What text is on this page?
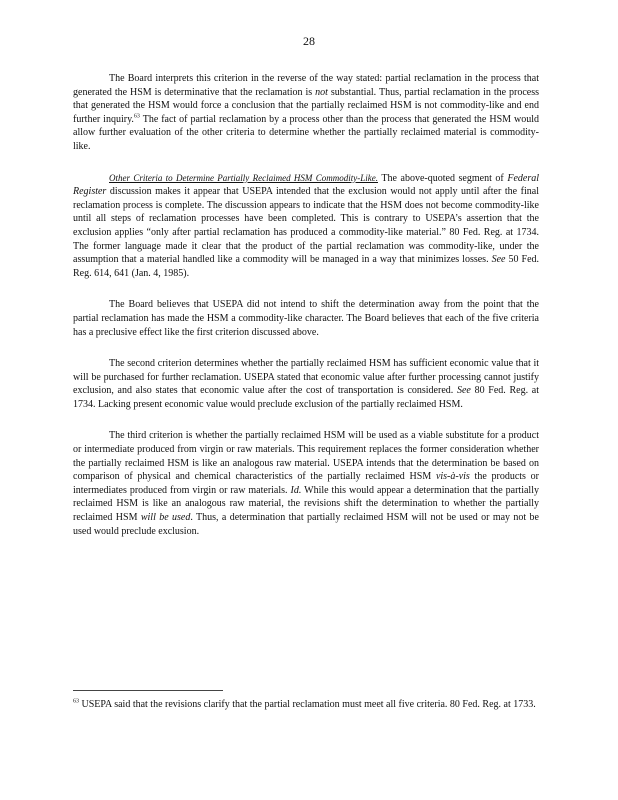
28

The Board interprets this criterion in the reverse of the way stated: partial reclamation in the process that generated the HSM is determinative that the reclamation is not substantial. Thus, partial reclamation in the process that generated the HSM would force a conclusion that the partially reclaimed HSM is not commodity-like and end further inquiry.$^{63}$ The fact of partial reclamation by a process other than the process that generated the HSM would allow further evaluation of the other criteria to determine whether the partially reclaimed material is commodity-like.

Other Criteria to Determine Partially Reclaimed HSM Commodity-Like. The above-quoted segment of Federal Register discussion makes it appear that USEPA intended that the exclusion would not apply until after the final reclamation process is complete. The discussion appears to indicate that the HSM does not become commodity-like until all steps of reclamation processes have been completed. This is contrary to USEPA’s assertion that the exclusion applies “only after partial reclamation has produced a commodity-like material.” 80 Fed. Reg. at 1734. The former language made it clear that the product of the partial reclamation was commodity-like, under the assumption that a material handled like a commodity will be managed in a way that minimizes losses. See 50 Fed. Reg. 614, 641 (Jan. 4, 1985).

The Board believes that USEPA did not intend to shift the determination away from the point that the partial reclamation has made the HSM a commodity-like character. The Board believes that each of the five criteria has a preclusive effect like the first criterion discussed above.

The second criterion determines whether the partially reclaimed HSM has sufficient economic value that it will be purchased for further reclamation. USEPA stated that economic value after further processing cannot justify exclusion, and also states that economic value after the cost of transportation is considered. See 80 Fed. Reg. at 1734. Lacking present economic value would preclude exclusion of the partially reclaimed HSM.

The third criterion is whether the partially reclaimed HSM will be used as a viable substitute for a product or intermediate produced from virgin or raw materials. This requirement replaces the former consideration whether the partially reclaimed HSM is like an analogous raw material. USEPA intends that the determination be based on comparison of physical and chemical characteristics of the partially reclaimed HSM vis-à-vis the products or intermediates produced from virgin or raw materials. Id. While this would appear a determination that the partially reclaimed HSM is like an analogous raw material, the revisions shift the determination to whether the partially reclaimed HSM will be used. Thus, a determination that partially reclaimed HSM will not be used or may not be used would preclude exclusion.

$^{63}$ USEPA said that the revisions clarify that the partial reclamation must meet all five criteria. 80 Fed. Reg. at 1733.
